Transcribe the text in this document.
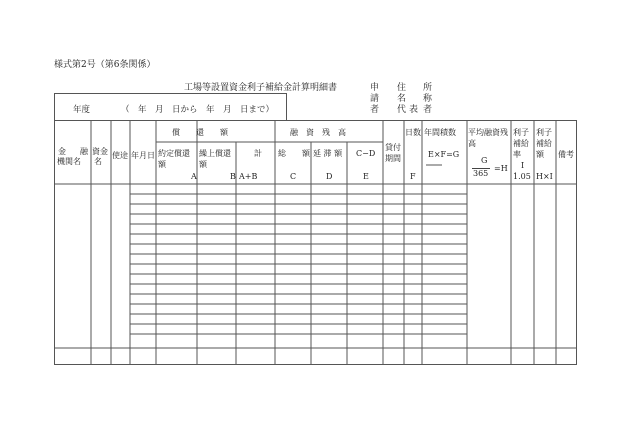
様式第2号（第6条関係）
工場等設置資金利子補給金計算明細書	申 住 所
請 名 称
者 代 表 者
年度	（　年　月　日から　年　月　日まで）
金 融
機関名
資金
名
使途 年月日
償　　還　　額
約定償還
額
A
繰上償還
額
B
計
A+B
融　資　残　高
総　　額
C
延 滞 額
D
C−D
E
貸付
期間
日数
F
年間積数
E×F=G
平均融資残
高
G
365
=H
利子
補給
率
I
1.05
利子
補給
額
H×I
備考
